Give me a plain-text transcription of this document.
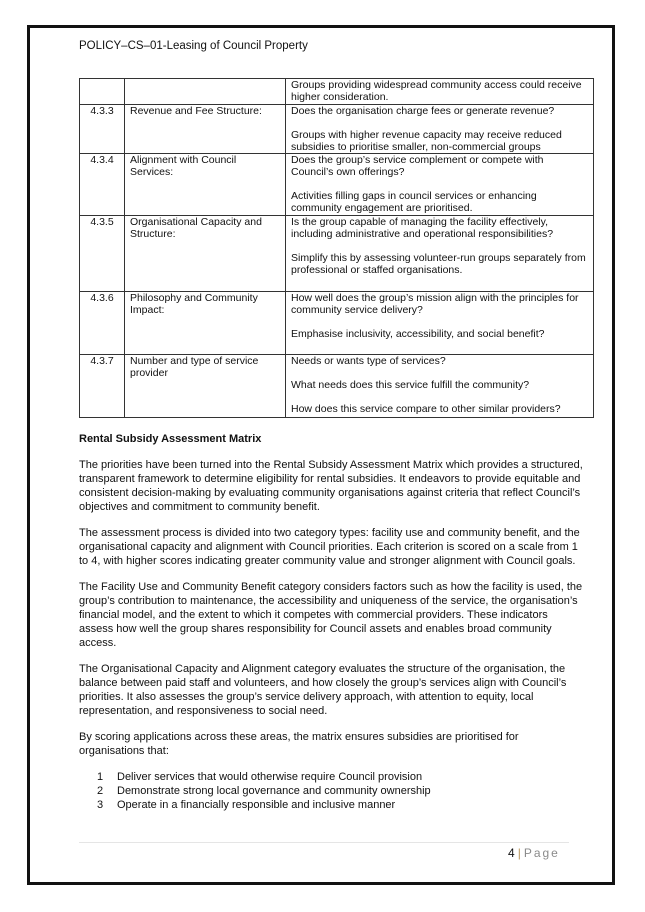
POLICY–CS–01-Leasing of Council Property

		Groups providing widespread community access could receive higher consideration.

4.3.3	Revenue and Fee Structure:	Does the organisation charge fees or generate revenue?

Groups with higher revenue capacity may receive reduced subsidies to prioritise smaller, non-commercial groups

4.3.4	Alignment with Council Services:	Does the group’s service complement or compete with Council’s own offerings?

Activities filling gaps in council services or enhancing community engagement are prioritised.

4.3.5	Organisational Capacity and Structure:	Is the group capable of managing the facility effectively, including administrative and operational responsibilities?

Simplify this by assessing volunteer-run groups separately from professional or staffed organisations.

4.3.6	Philosophy and Community Impact:	How well does the group’s mission align with the principles for community service delivery?

Emphasise inclusivity, accessibility, and social benefit?

4.3.7	Number and type of service provider	Needs or wants type of services?

What needs does this service fulfill the community?

How does this service compare to other similar providers?

Rental Subsidy Assessment Matrix

The priorities have been turned into the Rental Subsidy Assessment Matrix which provides a structured, transparent framework to determine eligibility for rental subsidies. It endeavors to provide equitable and consistent decision-making by evaluating community organisations against criteria that reflect Council’s objectives and commitment to community benefit.

The assessment process is divided into two category types: facility use and community benefit, and the organisational capacity and alignment with Council priorities. Each criterion is scored on a scale from 1 to 4, with higher scores indicating greater community value and stronger alignment with Council goals.

The Facility Use and Community Benefit category considers factors such as how the facility is used, the group’s contribution to maintenance, the accessibility and uniqueness of the service, the organisation’s financial model, and the extent to which it competes with commercial providers. These indicators assess how well the group shares responsibility for Council assets and enables broad community access.

The Organisational Capacity and Alignment category evaluates the structure of the organisation, the balance between paid staff and volunteers, and how closely the group’s services align with Council’s priorities. It also assesses the group’s service delivery approach, with attention to equity, local representation, and responsiveness to social need.

By scoring applications across these areas, the matrix ensures subsidies are prioritised for organisations that:

1 Deliver services that would otherwise require Council provision
2 Demonstrate strong local governance and community ownership
3 Operate in a financially responsible and inclusive manner
4 | Page
